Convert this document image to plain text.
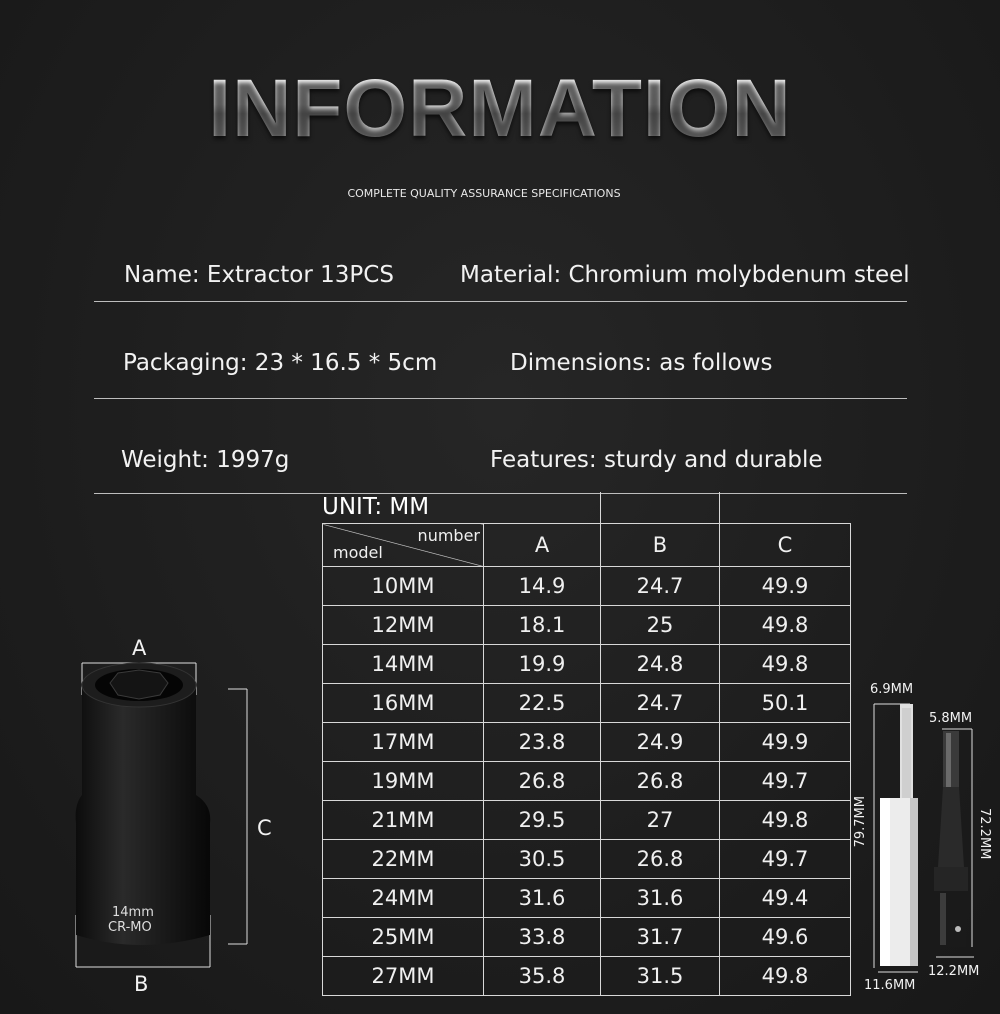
INFORMATION
COMPLETE QUALITY ASSURANCE SPECIFICATIONS
Name: Extractor 13PCS	Material: Chromium molybdenum steel
Packaging: 23 * 16.5 * 5cm	Dimensions: as follows
Weight: 1997g	Features: sturdy and durable
UNIT: MM

number
model	A	B	C
10MM	14.9	24.7	49.9
12MM	18.1	25	49.8
14MM	19.9	24.8	49.8
16MM	22.5	24.7	50.1
17MM	23.8	24.9	49.9
19MM	26.8	26.8	49.7
21MM	29.5	27	49.8
22MM	30.5	26.8	49.7
24MM	31.6	31.6	49.4
25MM	33.8	31.7	49.6
27MM	35.8	31.5	49.8
A
B
C
14mm
CR-MO
6.9MM
79.7MM
11.6MM
5.8MM
72.2MM
12.2MM
